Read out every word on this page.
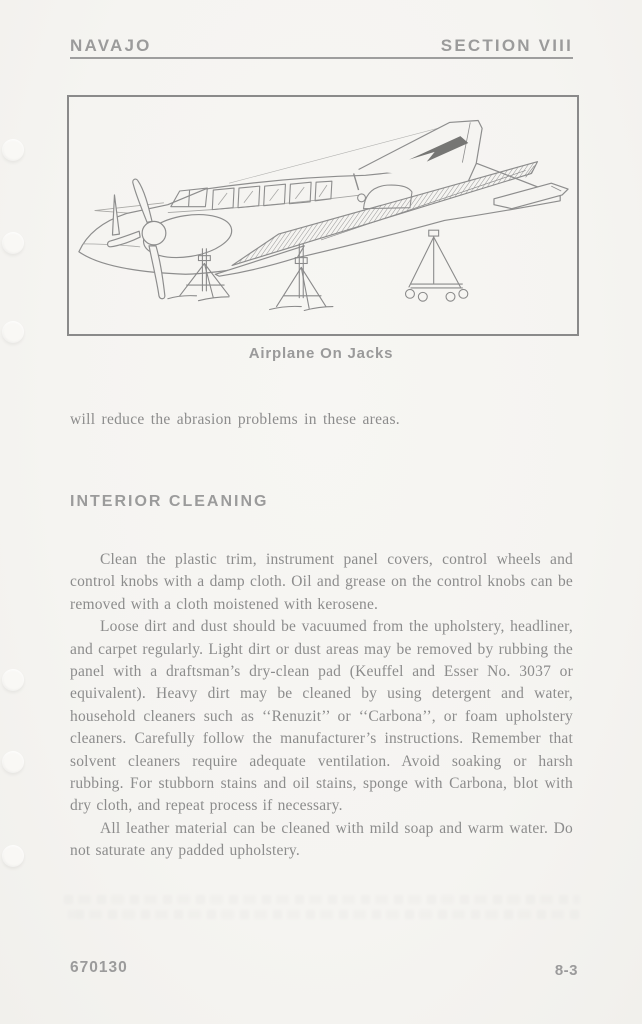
NAVAJO	SECTION VIII
Airplane On Jacks
will reduce the abrasion problems in these areas.
INTERIOR CLEANING

Clean the plastic trim, instrument panel covers, control wheels and control knobs with a damp cloth. Oil and grease on the control knobs can be removed with a cloth moistened with kerosene.

Loose dirt and dust should be vacuumed from the upholstery, headliner, and carpet regularly. Light dirt or dust areas may be removed by rubbing the panel with a draftsman’s dry-clean pad (Keuffel and Esser No. 3037 or equivalent). Heavy dirt may be cleaned by using detergent and water, household cleaners such as ‘‘Renuzit’’ or ‘‘Carbona’’, or foam upholstery cleaners. Carefully follow the manufacturer’s instructions. Remember that solvent cleaners require adequate ventilation. Avoid soaking or harsh rubbing. For stubborn stains and oil stains, sponge with Carbona, blot with dry cloth, and repeat process if necessary.

All leather material can be cleaned with mild soap and warm water. Do not saturate any padded upholstery.

670130	8-3
